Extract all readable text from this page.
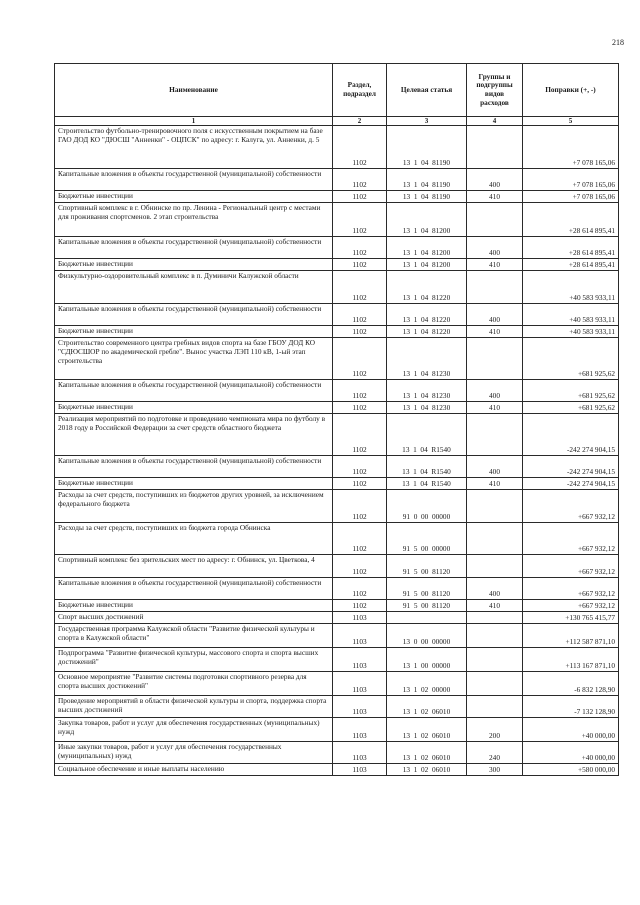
218
Наименование	Раздел, подраздел	Целевая статья	Группы и подгруппы видов расходов	Поправки (+, -)
1	2	3	4	5
Строительство футбольно-тренировочного поля с искусственным покрытием на базе ГАО ДОД КО "ДЮСШ "Анненки" - ОЦПСК" по адресу: г. Калуга, ул. Анненки, д. 5	1102	13  1  04  81190		+7 078 165,06
Капитальные вложения в объекты государственной (муниципальной) собственности	1102	13  1  04  81190	400	+7 078 165,06
Бюджетные инвестиции	1102	13  1  04  81190	410	+7 078 165,06
Спортивный комплекс в г. Обнинске по пр. Ленина - Региональный центр с местами для проживания спортсменов. 2 этап строительства	1102	13  1  04  81200		+28 614 895,41
Капитальные вложения в объекты государственной (муниципальной) собственности	1102	13  1  04  81200	400	+28 614 895,41
Бюджетные инвестиции	1102	13  1  04  81200	410	+28 614 895,41
Физкультурно-оздоровительный комплекс в п. Думиничи Калужской области	1102	13  1  04  81220		+40 583 933,11
Капитальные вложения в объекты государственной (муниципальной) собственности	1102	13  1  04  81220	400	+40 583 933,11
Бюджетные инвестиции	1102	13  1  04  81220	410	+40 583 933,11
Строительство современного центра гребных видов спорта на базе ГБОУ ДОД КО "СДЮСШОР по академической гребле". Вынос участка ЛЭП 110 кВ, 1-ый этап строительства	1102	13  1  04  81230		+681 925,62
Капитальные вложения в объекты государственной (муниципальной) собственности	1102	13  1  04  81230	400	+681 925,62
Бюджетные инвестиции	1102	13  1  04  81230	410	+681 925,62
Реализация мероприятий по подготовке и проведению чемпионата мира по футболу в 2018 году в Российской Федерации за счет средств областного бюджета	1102	13  1  04  R1540		-242 274 904,15
Капитальные вложения в объекты государственной (муниципальной) собственности	1102	13  1  04  R1540	400	-242 274 904,15
Бюджетные инвестиции	1102	13  1  04  R1540	410	-242 274 904,15
Расходы за счет средств, поступивших из бюджетов других уровней, за исключением федерального бюджета	1102	91  0  00  00000		+667 932,12
Расходы за счет средств, поступивших из бюджета города Обнинска	1102	91  5  00  00000		+667 932,12
Спортивный комплекс без зрительских мест по адресу: г. Обнинск, ул. Цветкова, 4	1102	91  5  00  81120		+667 932,12
Капитальные вложения в объекты государственной (муниципальной) собственности	1102	91  5  00  81120	400	+667 932,12
Бюджетные инвестиции	1102	91  5  00  81120	410	+667 932,12
Спорт высших достижений	1103			+130 765 415,77
Государственная программа Калужской области "Развитие физической культуры и спорта в Калужской области"	1103	13  0  00  00000		+112 587 871,10
Подпрограмма "Развитие физической культуры, массового спорта и спорта высших достижений"	1103	13  1  00  00000		+113 167 871,10
Основное мероприятие "Развитие системы подготовки спортивного резерва для спорта высших достижений"	1103	13  1  02  00000		-6 832 128,90
Проведение мероприятий в области физической культуры и спорта, поддержка спорта высших достижений	1103	13  1  02  06010		-7 132 128,90
Закупка товаров, работ и услуг для обеспечения государственных (муниципальных) нужд	1103	13  1  02  06010	200	+40 000,00
Иные закупки товаров, работ и услуг для обеспечения государственных (муниципальных) нужд	1103	13  1  02  06010	240	+40 000,00
Социальное обеспечение и иные выплаты населению	1103	13  1  02  06010	300	+580 000,00
